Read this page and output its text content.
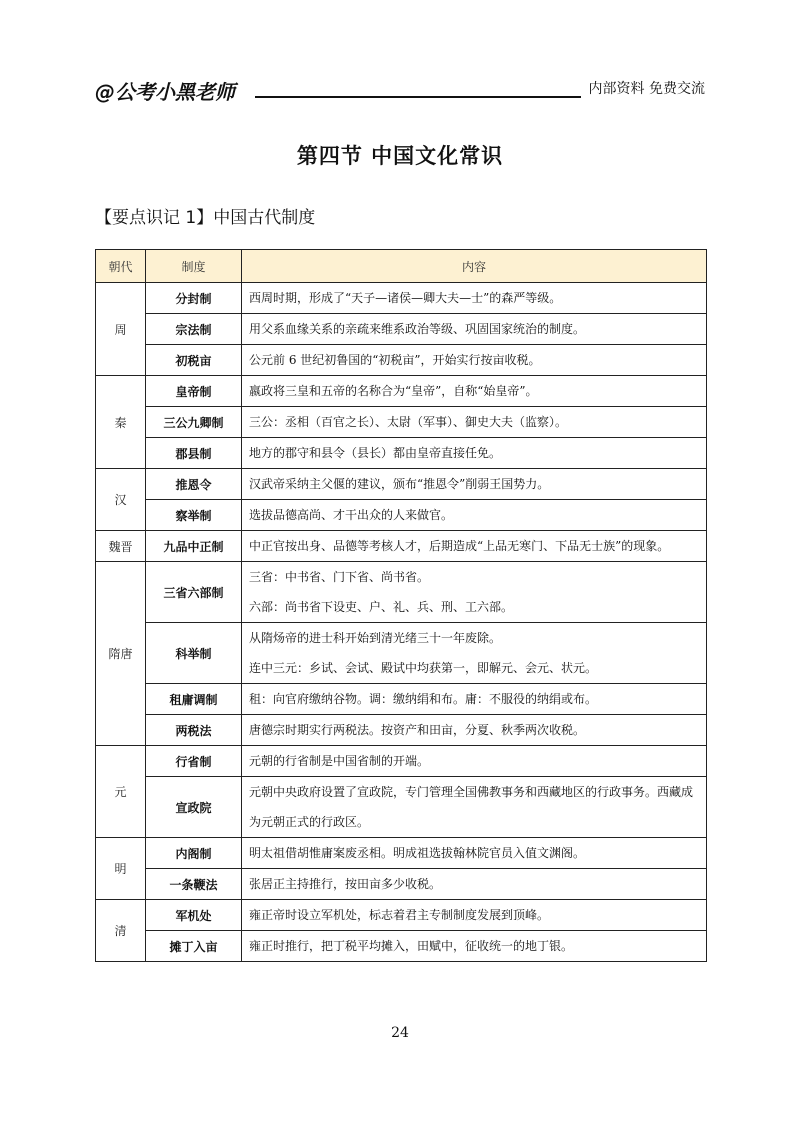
@公考小黑老师	内部资料 免费交流
第四节 中国文化常识
【要点识记 1】中国古代制度
朝代	制度	内容
周	分封制	西周时期，形成了“天子—诸侯—卿大夫—士”的森严等级。
	宗法制	用父系血缘关系的亲疏来维系政治等级、巩固国家统治的制度。
	初税亩	公元前 6 世纪初鲁国的“初税亩”，开始实行按亩收税。
秦	皇帝制	嬴政将三皇和五帝的名称合为“皇帝”，自称“始皇帝”。
	三公九卿制	三公：丞相（百官之长）、太尉（军事）、御史大夫（监察）。
	郡县制	地方的郡守和县令（县长）都由皇帝直接任免。
汉	推恩令	汉武帝采纳主父偃的建议，颁布“推恩令”削弱王国势力。
	察举制	选拔品德高尚、才干出众的人来做官。
魏晋	九品中正制	中正官按出身、品德等考核人才，后期造成“上品无寒门、下品无士族”的现象。
隋唐	三省六部制	三省：中书省、门下省、尚书省。
六部：尚书省下设吏、户、礼、兵、刑、工六部。

	科举制	从隋炀帝的进士科开始到清光绪三十一年废除。
连中三元：乡试、会试、殿试中均获第一，即解元、会元、状元。

	租庸调制	租：向官府缴纳谷物。调：缴纳绢和布。庸：不服役的纳绢或布。
	两税法	唐德宗时期实行两税法。按资产和田亩，分夏、秋季两次收税。
元	行省制	元朝的行省制是中国省制的开端。
	宣政院	元朝中央政府设置了宣政院，专门管理全国佛教事务和西藏地区的行政事务。西藏成为元朝正式的行政区。
明	内阁制	明太祖借胡惟庸案废丞相。明成祖选拔翰林院官员入值文渊阁。
	一条鞭法	张居正主持推行，按田亩多少收税。
清	军机处	雍正帝时设立军机处，标志着君主专制制度发展到顶峰。
	摊丁入亩	雍正时推行，把丁税平均摊入，田赋中，征收统一的地丁银。
24
